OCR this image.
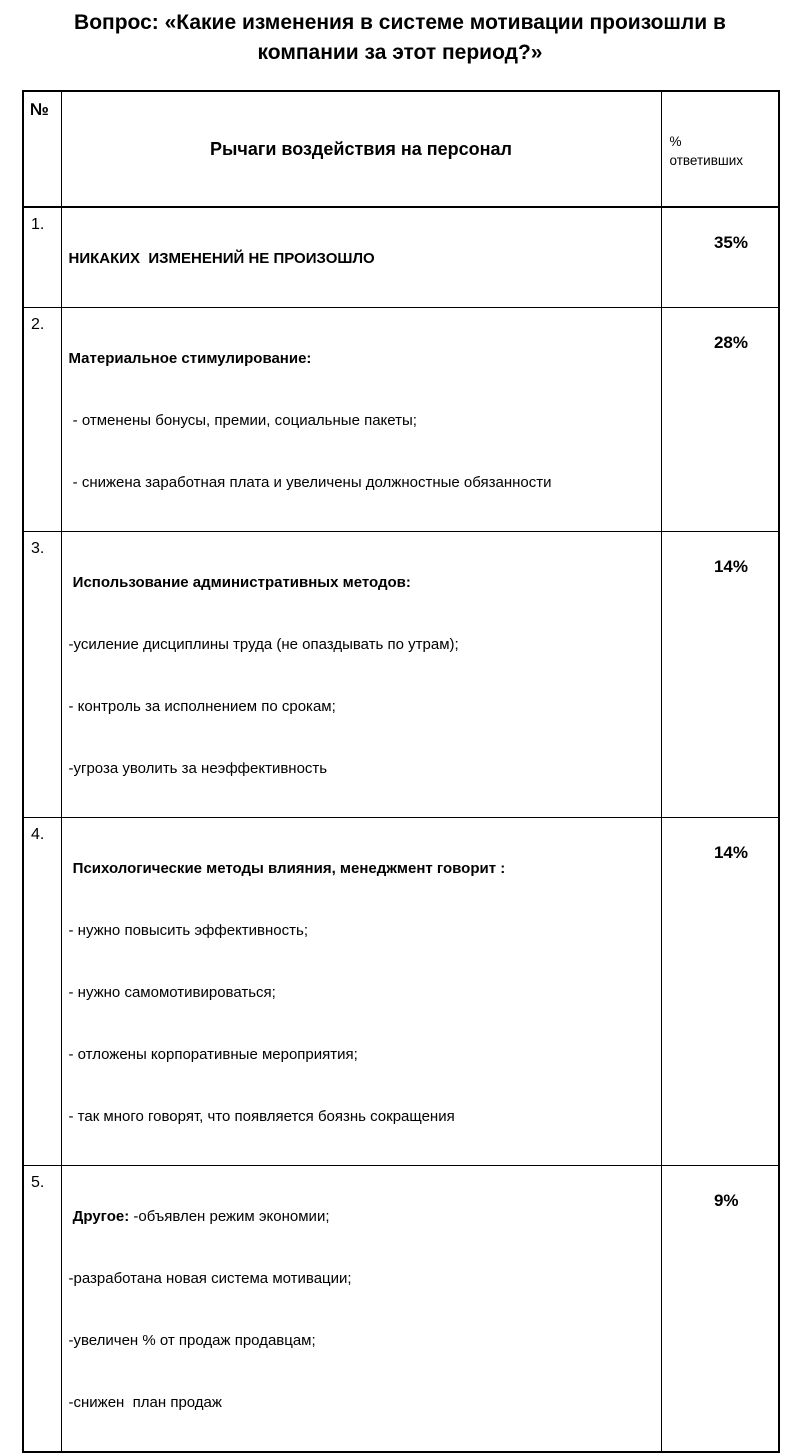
Вопрос: «Какие изменения в системе мотивации произошли в компании за этот период?»
№	Рычаги воздействия на персонал	% ответивших

1.	НИКАКИХ  ИЗМЕНЕНИЙ НЕ ПРОИЗОШЛО	35%

2.	Материальное стимулирование:

- отменены бонусы, премии, социальные пакеты;

- снижена заработная плата и увеличены должностные обязанности	28%

3.	Использование административных методов:

-усиление дисциплины труда (не опаздывать по утрам);

- контроль за исполнением по срокам;

-угроза уволить за неэффективность	14%

4.	Психологические методы влияния, менеджмент говорит :

- нужно повысить эффективность;

- нужно самомотивироваться;

- отложены корпоративные мероприятия;

- так много говорят, что появляется боязнь сокращения	14%

5.	Другое: -объявлен режим экономии;

-разработана новая система мотивации;

-увеличен % от продаж продавцам;

-снижен  план продаж	9%
